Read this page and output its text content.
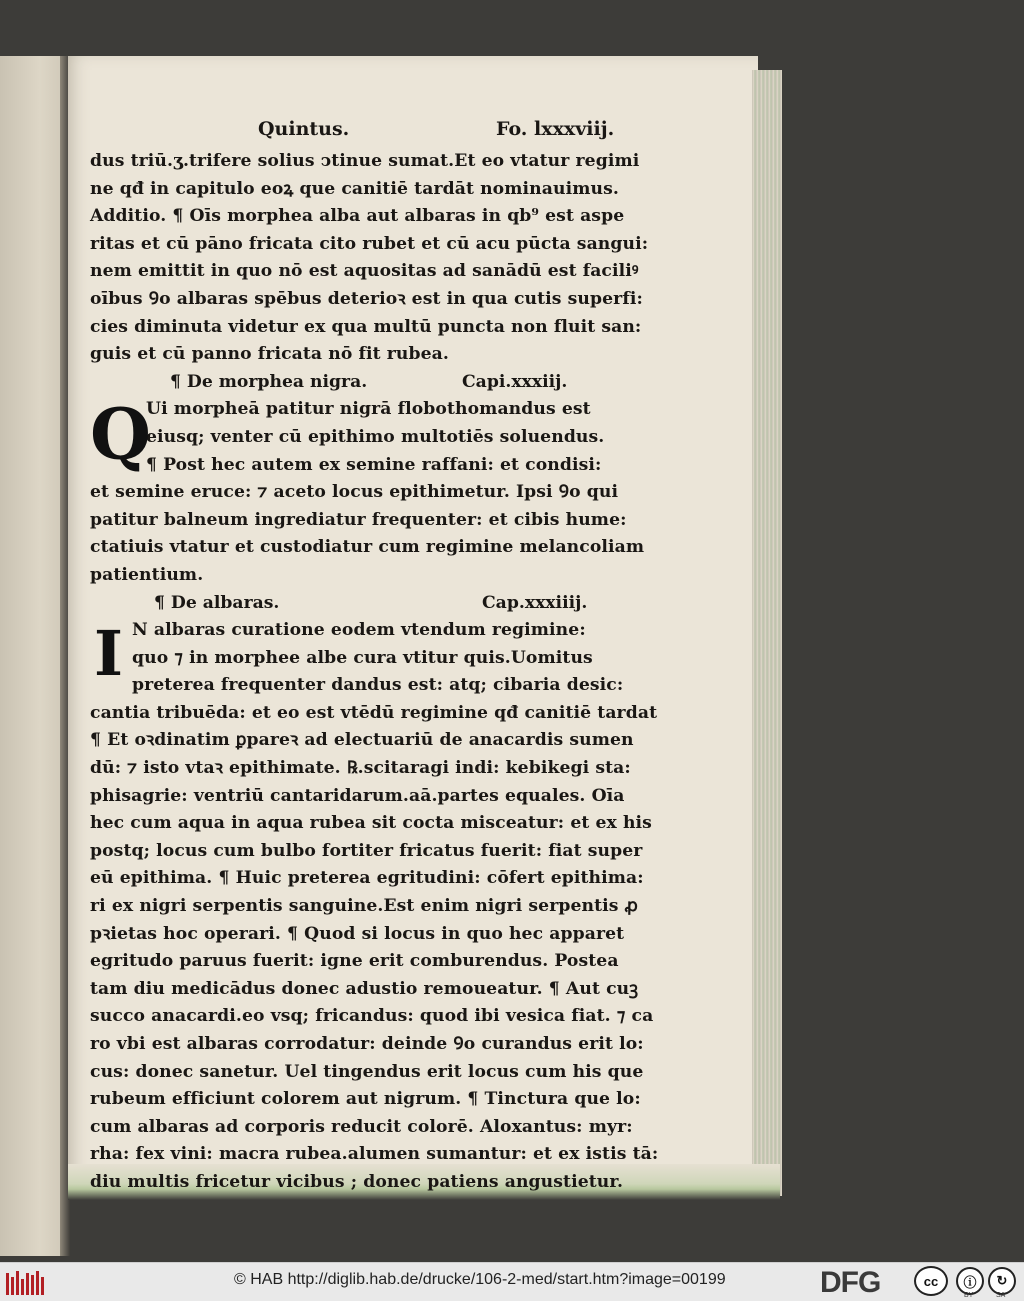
Quintus.	Fo. lxxxviij.
dus triū.ʒ.trifere solius ↄtinue sumat.Et eo vtatur regimi
ne qđ in capitulo eoꝝ que canitiē tardāt nominauimus.
Additio. ¶ Oīs morphea alba aut albaras in qb⁹ est aspe
ritas et cū pāno fricata cito rubet et cū acu pūcta sangui:
nem emittit in quo nō est aquositas ad sanādū est faciliꝰ
oībus Ꝯo albaras spēbus deterioꝛ est in qua cutis superfi:
cies diminuta videtur ex qua multū puncta non fluit san:
guis et cū panno fricata nō fit rubea.
¶ De morphea nigra.	Capi.xxxiij.
Q
Ui morpheā patitur nigrā flobothomandus est
eiusq; venter cū epithimo multotiēs soluendus.
¶ Post hec autem ex semine raffani: et condisi:
et semine eruce: ⁊ aceto locus epithimetur. Ipsi Ꝯo qui
patitur balneum ingrediatur frequenter: et cibis hume:
ctatiuis vtatur et custodiatur cum regimine melancoliam
patientium.
¶ De albaras.	Cap.xxxiiij.
I N albaras curatione eodem vtendum regimine:
quo ⁊ in morphee albe cura vtitur quis.Uomitus
preterea frequenter dandus est: atq; cibaria desic:
cantia tribuēda: et eo est vtēdū regimine qđ canitiē tardat
¶ Et oꝛdinatim ꝑpareꝛ ad electuariū de anacardis sumen
dū: ⁊ isto vtaꝛ epithimate. ℞.scitaragi indi: kebikegi sta:
phisagrie: ventriū cantaridarum.aā.partes equales. Oīa
hec cum aqua in aqua rubea sit cocta misceatur: et ex his
postq; locus cum bulbo fortiter fricatus fuerit: fiat super
eū epithima. ¶ Huic preterea egritudini: cōfert epithima:
ri ex nigri serpentis sanguine.Est enim nigri serpentis ꝓ
pꝛietas hoc operari. ¶ Quod si locus in quo hec apparet
egritudo paruus fuerit: igne erit comburendus. Postea
tam diu medicādus donec adustio remoueatur. ¶ Aut cuꝫ
succo anacardi.eo vsq; fricandus: quod ibi vesica fiat. ⁊ ca
ro vbi est albaras corrodatur: deinde Ꝯo curandus erit lo:
cus: donec sanetur. Uel tingendus erit locus cum his que
rubeum efficiunt colorem aut nigrum. ¶ Tinctura que lo:
cum albaras ad corporis reducit colorē. Aloxantus: myr:
rha: fex vini: macra rubea.alumen sumantur: et ex istis tā:
diu multis fricetur vicibus ; donec patiens angustietur.
© HAB http://diglib.hab.de/drucke/106-2-med/start.htm?image=00199	DFG	cc	ⓘ	↻
BY	SA
